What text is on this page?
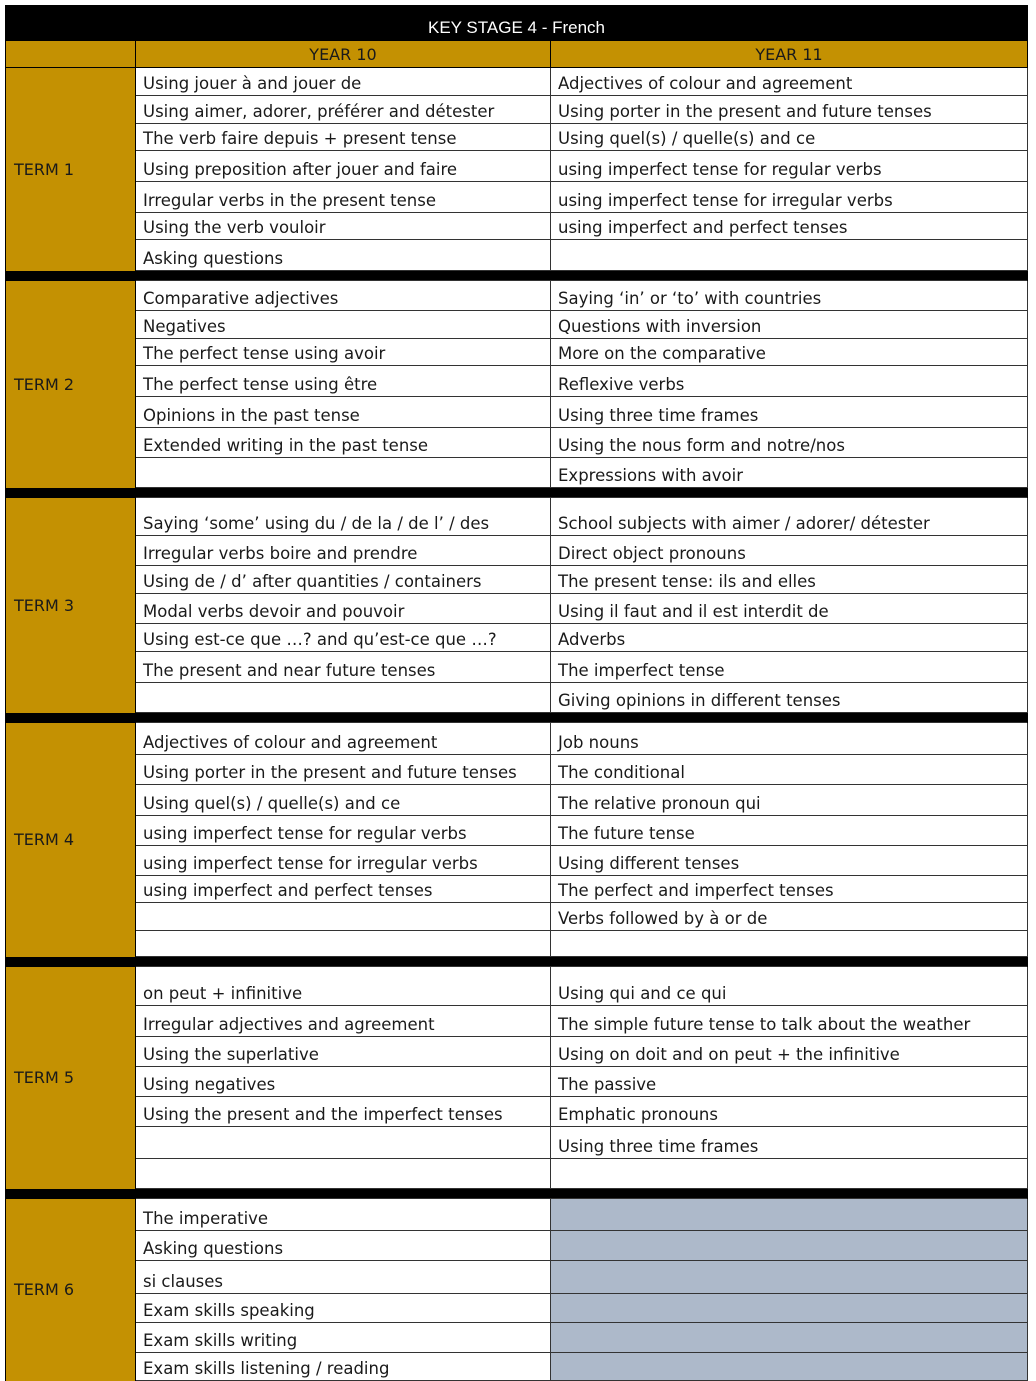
KEY STAGE 4 - French		
	YEAR 10	YEAR 11
TERM 1	Using jouer à and jouer de	Adjectives of colour and agreement
	Using aimer, adorer, préférer and détester	Using porter in the present and future tenses
	The verb faire depuis + present tense	Using quel(s) / quelle(s) and ce
	Using preposition after jouer and faire	using imperfect tense for regular verbs
	Irregular verbs in the present tense	using imperfect tense for irregular verbs
	Using the verb vouloir	using imperfect and perfect tenses
	Asking questions	

TERM 2	Comparative adjectives	Saying ‘in’ or ‘to’ with countries
	Negatives	Questions with inversion
	The perfect tense using avoir	More on the comparative
	The perfect tense using être	Reflexive verbs
	Opinions in the past tense	Using three time frames
	Extended writing in the past tense	Using the nous form and notre/nos
		Expressions with avoir

TERM 3	Saying ‘some’ using du / de la / de l’ / des	School subjects with aimer / adorer/ détester
	Irregular verbs boire and prendre	Direct object pronouns
	Using de / d’ after quantities / containers	The present tense: ils and elles
	Modal verbs devoir and pouvoir	Using il faut and il est interdit de
	Using est-ce que …? and qu’est-ce que …?	Adverbs
	The present and near future tenses	The imperfect tense
		Giving opinions in different tenses

TERM 4	Adjectives of colour and agreement	Job nouns
	Using porter in the present and future tenses	The conditional
	Using quel(s) / quelle(s) and ce	The relative pronoun qui
	using imperfect tense for regular verbs	The future tense
	using imperfect tense for irregular verbs	Using different tenses
	using imperfect and perfect tenses	The perfect and imperfect tenses
		Verbs followed by à or de

TERM 5	on peut + infinitive	Using qui and ce qui
	Irregular adjectives and agreement	The simple future tense to talk about the weather
	Using the superlative	Using on doit and on peut + the infinitive
	Using negatives	The passive
	Using the present and the imperfect tenses	Emphatic pronouns
		Using three time frames

TERM 6	The imperative	
	Asking questions	
	si clauses	
	Exam skills speaking	
	Exam skills writing	
	Exam skills listening / reading	
